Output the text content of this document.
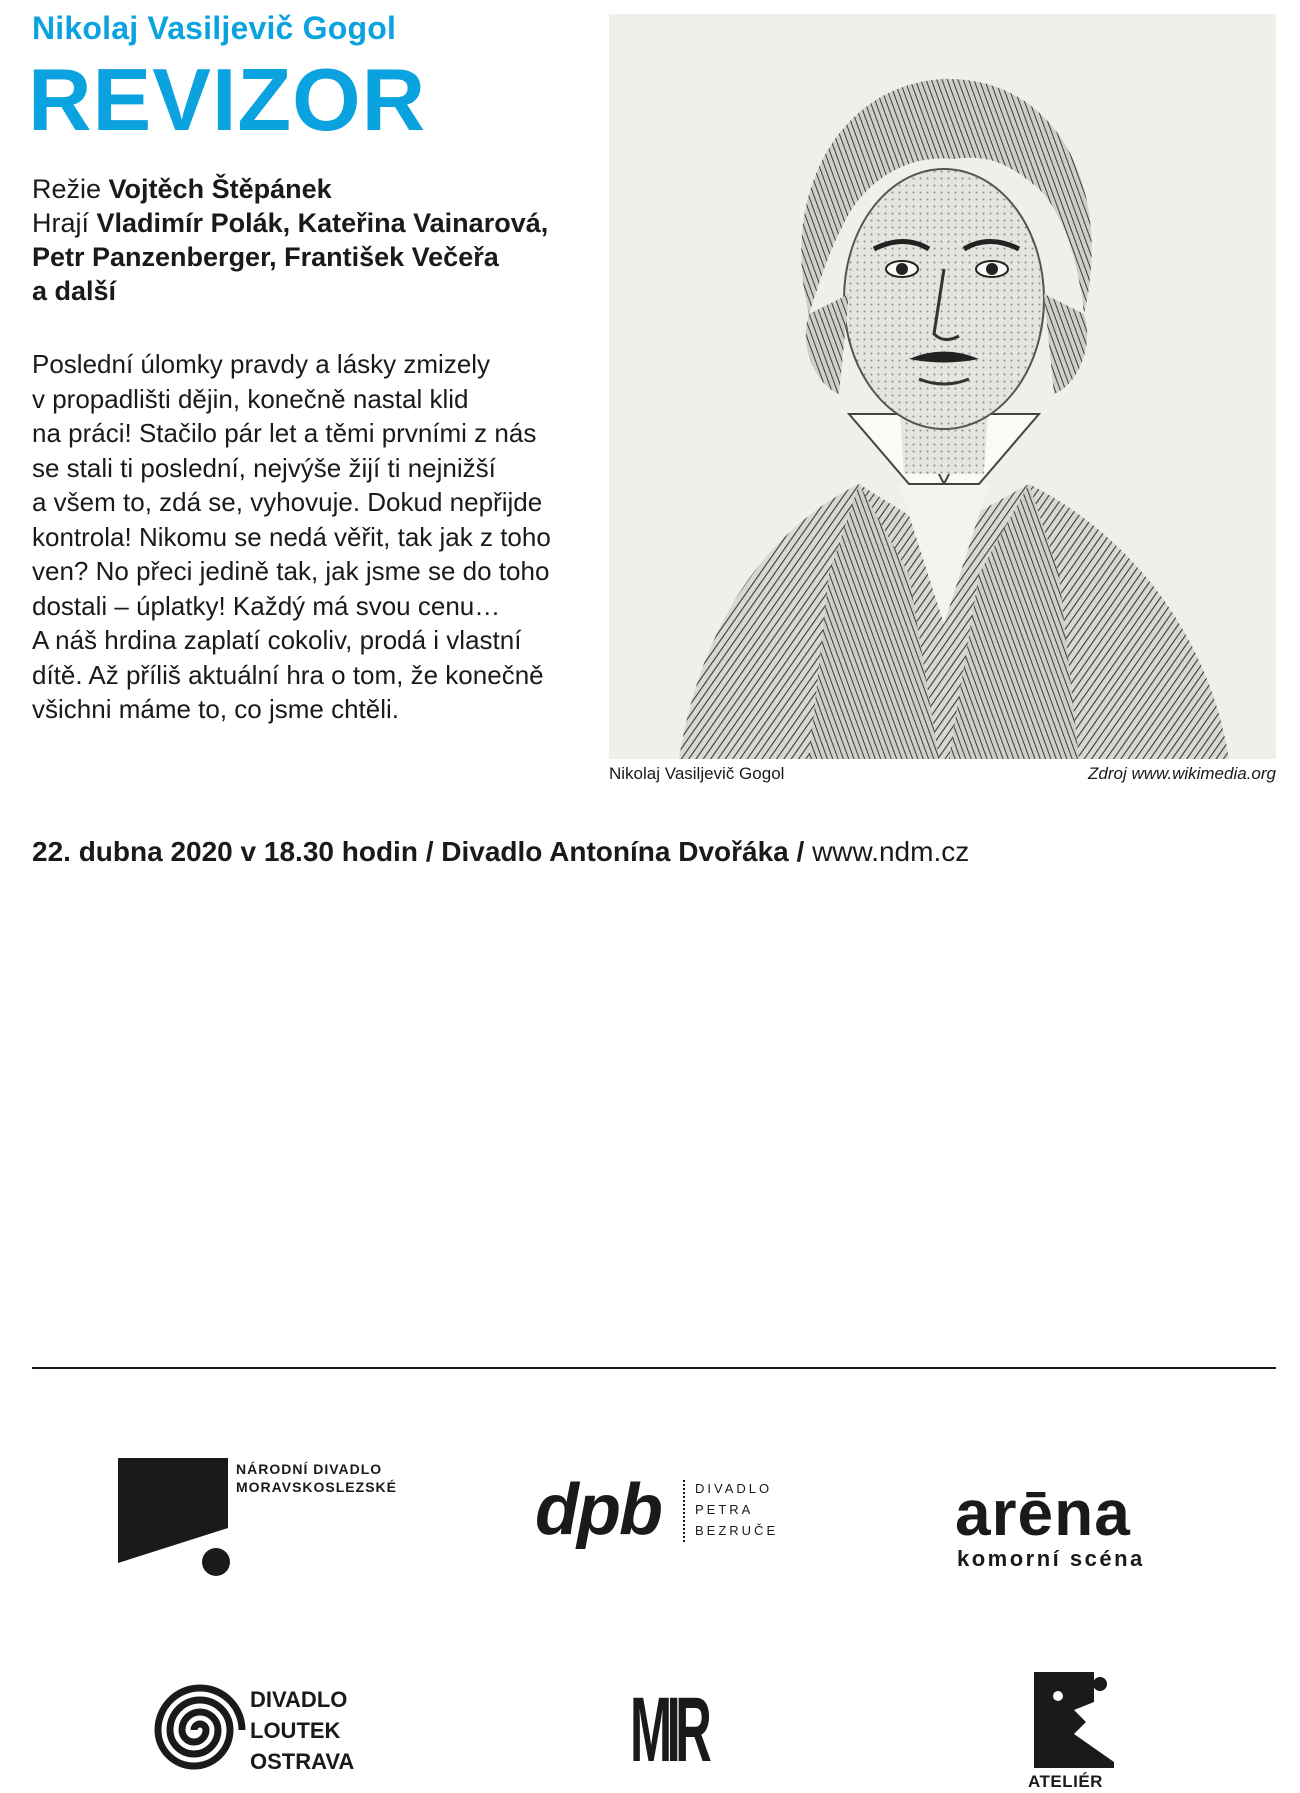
Nikolaj Vasiljevič Gogol
REVIZOR
Režie Vojtěch Štěpánek
Hrají Vladimír Polák, Kateřina Vainarová,
Petr Panzenberger, František Večeřa
a další
Poslední úlomky pravdy a lásky zmizely
v propadlišti dějin, konečně nastal klid
na práci! Stačilo pár let a těmi prvními z nás
se stali ti poslední, nejvýše žijí ti nejnižší
a všem to, zdá se, vyhovuje. Dokud nepřijde
kontrola! Nikomu se nedá věřit, tak jak z toho
ven? No přeci jedině tak, jak jsme se do toho
dostali – úplatky! Každý má svou cenu…
A náš hrdina zaplatí cokoliv, prodá i vlastní
dítě. Až příliš aktuální hra o tom, že konečně
všichni máme to, co jsme chtěli.
Nikolaj Vasiljevič Gogol	Zdroj www.wikimedia.org
22. dubna 2020 v 18.30 hodin / Divadlo Antonína Dvořáka / www.ndm.cz
NÁRODNÍ DIVADLO
MORAVSKOSLEZSKÉ dpb	DIVADLO
PETRA
BEZRUČE	arēna
komorní scéna
DIVADLO
LOUTEK
OSTRAVA	MIR
ATELIÉR
